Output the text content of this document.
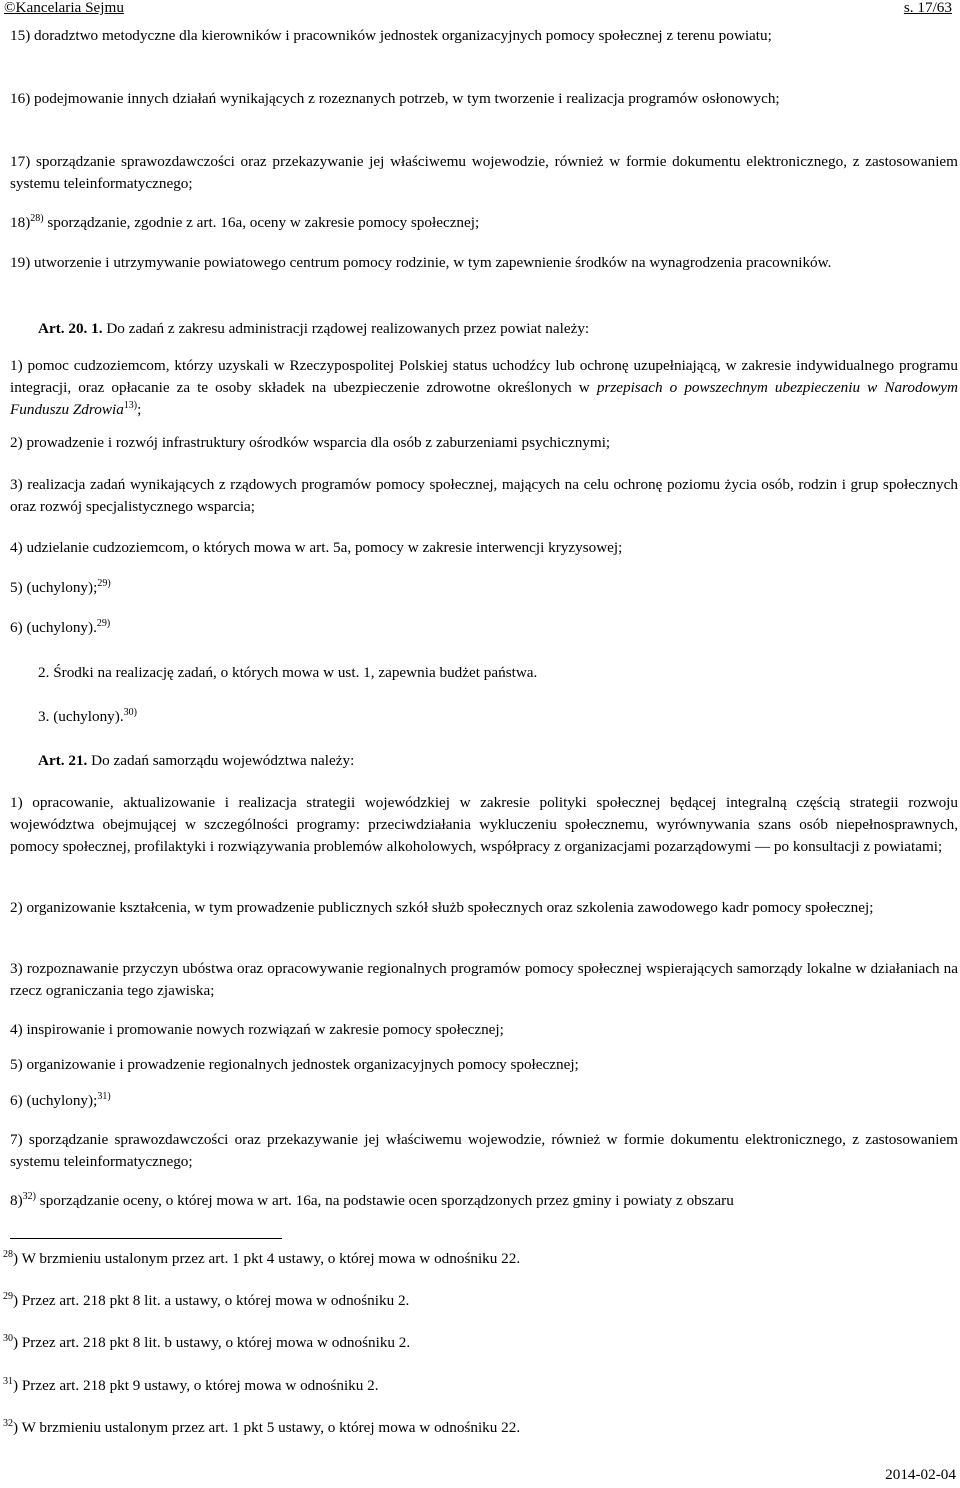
©Kancelaria Sejmu	s. 17/63

15) doradztwo metodyczne dla kierowników i pracowników jednostek organizacyjnych pomocy społecznej z terenu powiatu;

16) podejmowanie innych działań wynikających z rozeznanych potrzeb, w tym tworzenie i realizacja programów osłonowych;

17) sporządzanie sprawozdawczości oraz przekazywanie jej właściwemu wojewodzie, również w formie dokumentu elektronicznego, z zastosowaniem systemu teleinformatycznego;

18)$^{28)}$ sporządzanie, zgodnie z art. 16a, oceny w zakresie pomocy społecznej;

19) utworzenie i utrzymywanie powiatowego centrum pomocy rodzinie, w tym zapewnienie środków na wynagrodzenia pracowników.

Art. 20. 1. Do zadań z zakresu administracji rządowej realizowanych przez powiat należy:

1) pomoc cudzoziemcom, którzy uzyskali w Rzeczypospolitej Polskiej status uchodźcy lub ochronę uzupełniającą, w zakresie indywidualnego programu integracji, oraz opłacanie za te osoby składek na ubezpieczenie zdrowotne określonych w przepisach o powszechnym ubezpieczeniu w Narodowym Funduszu Zdrowia$^{13)}$;

2) prowadzenie i rozwój infrastruktury ośrodków wsparcia dla osób z zaburzeniami psychicznymi;

3) realizacja zadań wynikających z rządowych programów pomocy społecznej, mających na celu ochronę poziomu życia osób, rodzin i grup społecznych oraz rozwój specjalistycznego wsparcia;

4) udzielanie cudzoziemcom, o których mowa w art. 5a, pomocy w zakresie interwencji kryzysowej;

5) (uchylony);$^{29)}$

6) (uchylony).$^{29)}$

2. Środki na realizację zadań, o których mowa w ust. 1, zapewnia budżet państwa.

3. (uchylony).$^{30)}$

Art. 21. Do zadań samorządu województwa należy:

1) opracowanie, aktualizowanie i realizacja strategii wojewódzkiej w zakresie polityki społecznej będącej integralną częścią strategii rozwoju województwa obejmującej w szczególności programy: przeciwdziałania wykluczeniu społecznemu, wyrównywania szans osób niepełnosprawnych, pomocy społecznej, profilaktyki i rozwiązywania problemów alkoholowych, współpracy z organizacjami pozarządowymi — po konsultacji z powiatami;

2) organizowanie kształcenia, w tym prowadzenie publicznych szkół służb społecznych oraz szkolenia zawodowego kadr pomocy społecznej;

3) rozpoznawanie przyczyn ubóstwa oraz opracowywanie regionalnych programów pomocy społecznej wspierających samorządy lokalne w działaniach na rzecz ograniczania tego zjawiska;

4) inspirowanie i promowanie nowych rozwiązań w zakresie pomocy społecznej;

5) organizowanie i prowadzenie regionalnych jednostek organizacyjnych pomocy społecznej;

6) (uchylony);$^{31)}$

7) sporządzanie sprawozdawczości oraz przekazywanie jej właściwemu wojewodzie, również w formie dokumentu elektronicznego, z zastosowaniem systemu teleinformatycznego;

8)$^{32)}$ sporządzanie oceny, o której mowa w art. 16a, na podstawie ocen sporządzonych przez gminy i powiaty z obszaru

$^{28}$) W brzmieniu ustalonym przez art. 1 pkt 4 ustawy, o której mowa w odnośniku 22.
$^{29}$) Przez art. 218 pkt 8 lit. a ustawy, o której mowa w odnośniku 2.
$^{30}$) Przez art. 218 pkt 8 lit. b ustawy, o której mowa w odnośniku 2.
$^{31}$) Przez art. 218 pkt 9 ustawy, o której mowa w odnośniku 2.
$^{32}$) W brzmieniu ustalonym przez art. 1 pkt 5 ustawy, o której mowa w odnośniku 22.
2014-02-04
